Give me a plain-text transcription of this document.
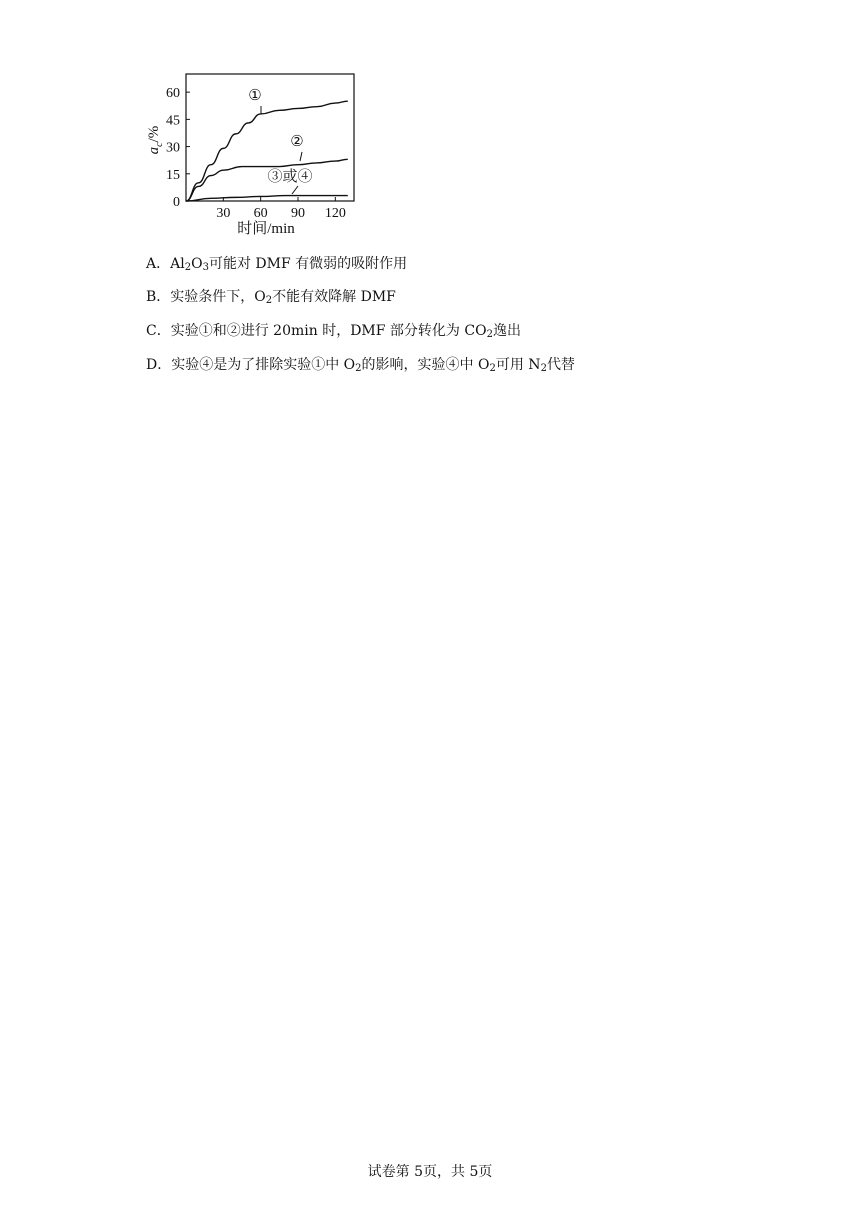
0
15
30
45
60
30 60 90 120
$a_c/\%$
时间/min
①
②
③或④
A．$Al_2O_3$可能对 DMF 有微弱的吸附作用
B．实验条件下，$O_2$不能有效降解 DMF
C．实验①和②进行 20min 时，DMF 部分转化为 $CO_2$逸出
D．实验④是为了排除实验①中 $O_2$的影响，实验④中 $O_2$可用 $N_2$代替
试卷第 5页，共 5页
